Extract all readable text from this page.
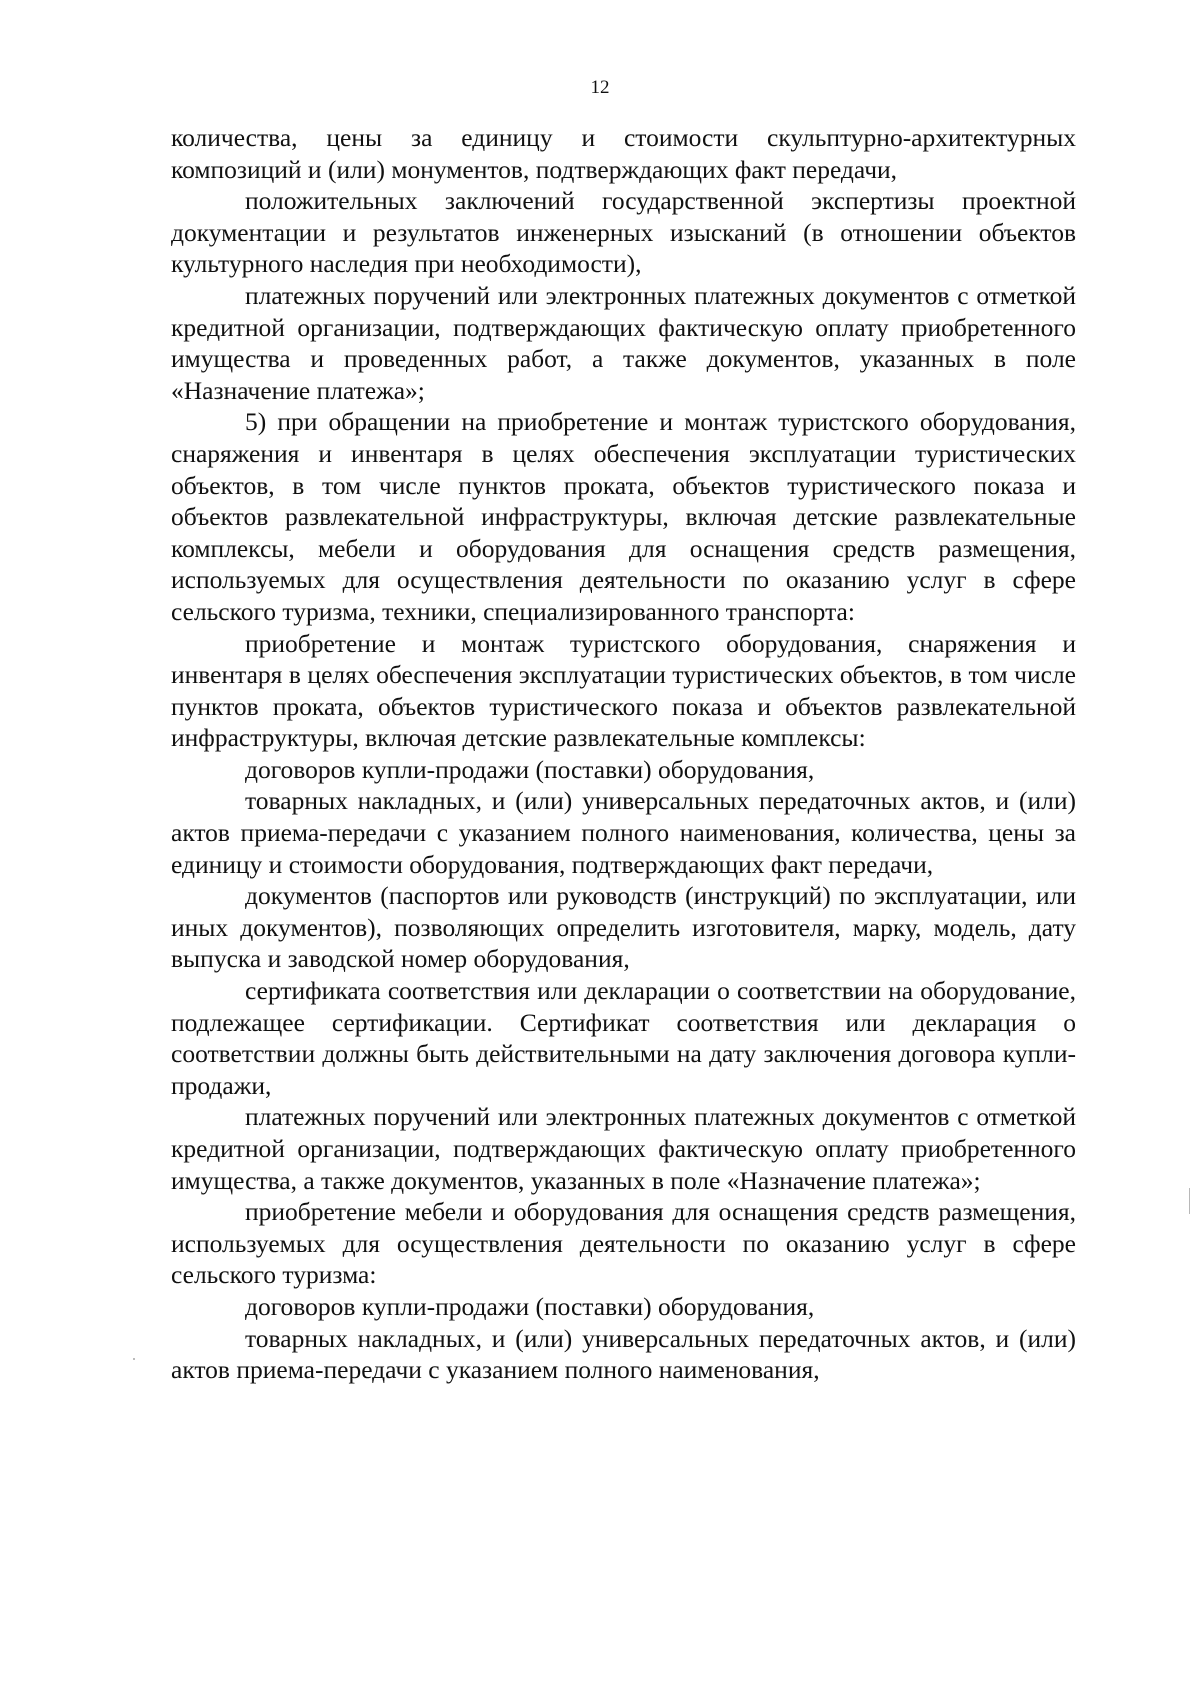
12

количества, цены за единицу и стоимости скульптурно-архитектурных композиций и (или) монументов, подтверждающих факт передачи,

положительных заключений государственной экспертизы проектной документации и результатов инженерных изысканий (в отношении объектов культурного наследия при необходимости),

платежных поручений или электронных платежных документов с отметкой кредитной организации, подтверждающих фактическую оплату приобретенного имущества и проведенных работ, а также документов, указанных в поле «Назначение платежа»;

5) при обращении на приобретение и монтаж туристского оборудования, снаряжения и инвентаря в целях обеспечения эксплуатации туристических объектов, в том числе пунктов проката, объектов туристического показа и объектов развлекательной инфраструктуры, включая детские развлекательные комплексы, мебели и оборудования для оснащения средств размещения, используемых для осуществления деятельности по оказанию услуг в сфере сельского туризма, техники, специализированного транспорта:

приобретение и монтаж туристского оборудования, снаряжения и инвентаря в целях обеспечения эксплуатации туристических объектов, в том числе пунктов проката, объектов туристического показа и объектов развлекательной инфраструктуры, включая детские развлекательные комплексы:

договоров купли-продажи (поставки) оборудования,

товарных накладных, и (или) универсальных передаточных актов, и (или) актов приема-передачи с указанием полного наименования, количества, цены за единицу и стоимости оборудования, подтверждающих факт передачи,

документов (паспортов или руководств (инструкций) по эксплуатации, или иных документов), позволяющих определить изготовителя, марку, модель, дату выпуска и заводской номер оборудования,

сертификата соответствия или декларации о соответствии на оборудование, подлежащее сертификации. Сертификат соответствия или декларация о соответствии должны быть действительными на дату заключения договора купли-продажи,

платежных поручений или электронных платежных документов с отметкой кредитной организации, подтверждающих фактическую оплату приобретенного имущества, а также документов, указанных в поле «Назначение платежа»;

приобретение мебели и оборудования для оснащения средств размещения, используемых для осуществления деятельности по оказанию услуг в сфере сельского туризма:

договоров купли-продажи (поставки) оборудования,

товарных накладных, и (или) универсальных передаточных актов, и (или) актов приема-передачи с указанием полного наименования,
